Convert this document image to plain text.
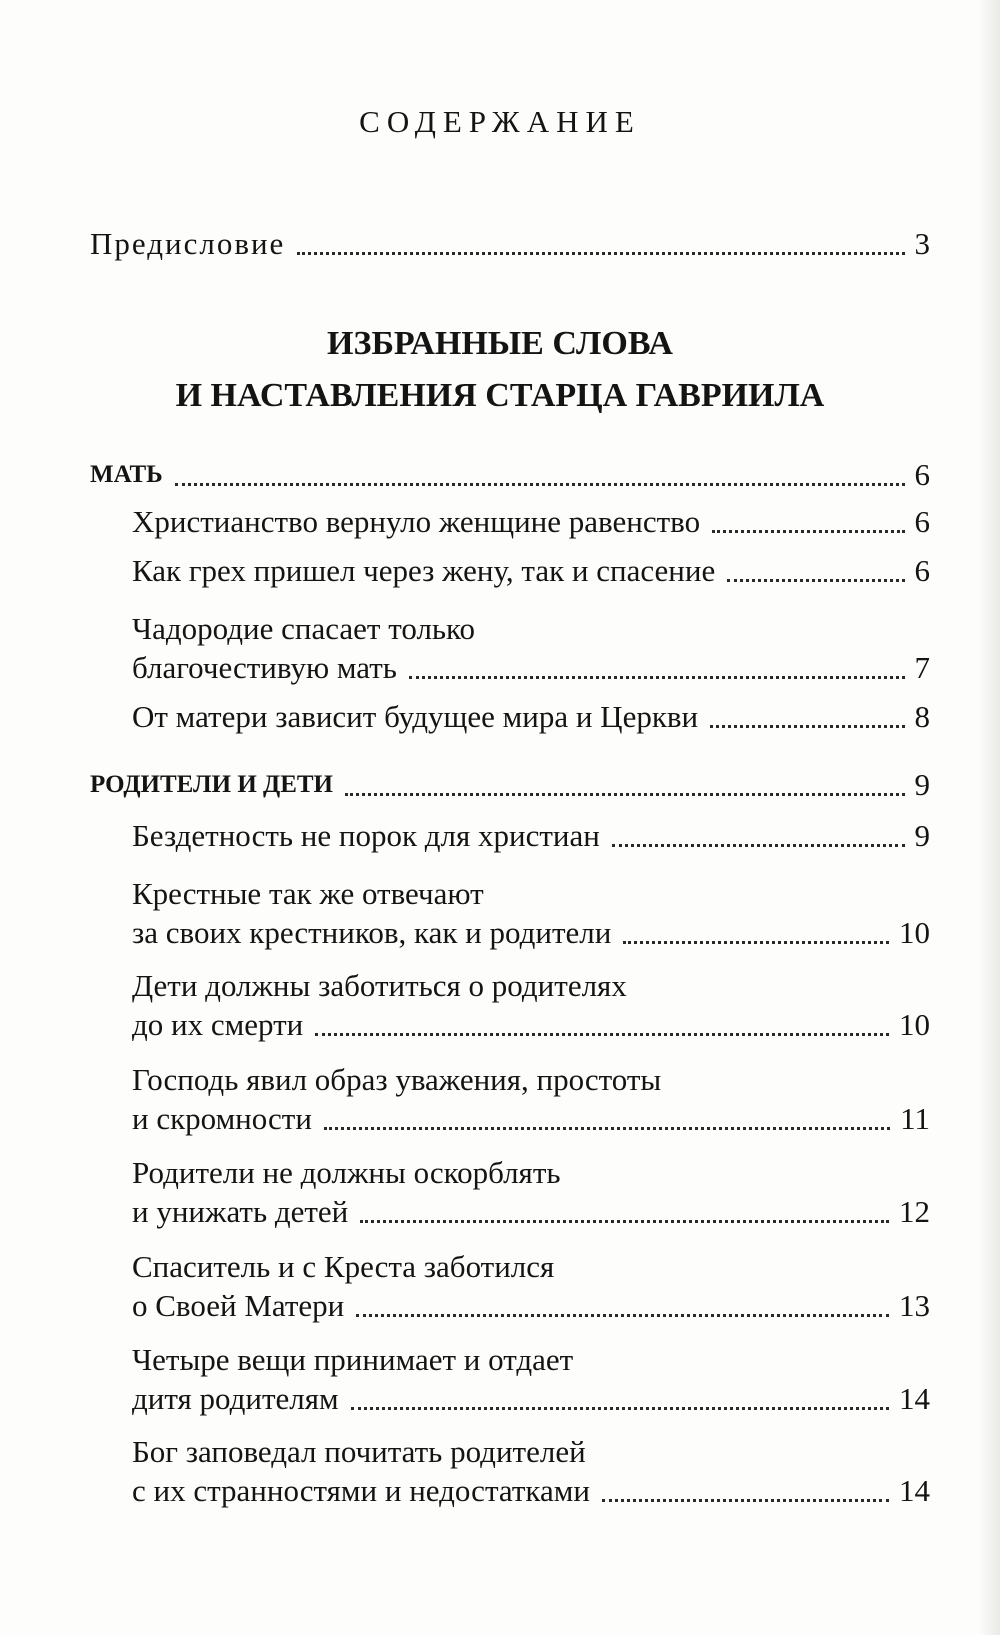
СОДЕРЖАНИЕ
Предисловие	3
ИЗБРАННЫЕ СЛОВА
И НАСТАВЛЕНИЯ СТАРЦА ГАВРИИЛА
МАТЬ	6
Христианство вернуло женщине равенство	6
Как грех пришел через жену, так и спасение	6
Чадородие спасает только
благочестивую мать	7
От матери зависит будущее мира и Церкви	8
РОДИТЕЛИ И ДЕТИ	9
Бездетность не порок для христиан	9
Крестные так же отвечают
за своих крестников, как и родители	10
Дети должны заботиться о родителях
до их смерти	10
Господь явил образ уважения, простоты
и скромности	11
Родители не должны оскорблять
и унижать детей	12
Спаситель и с Креста заботился
о Своей Матери	13
Четыре вещи принимает и отдает
дитя родителям	14
Бог заповедал почитать родителей
с их странностями и недостатками	14
